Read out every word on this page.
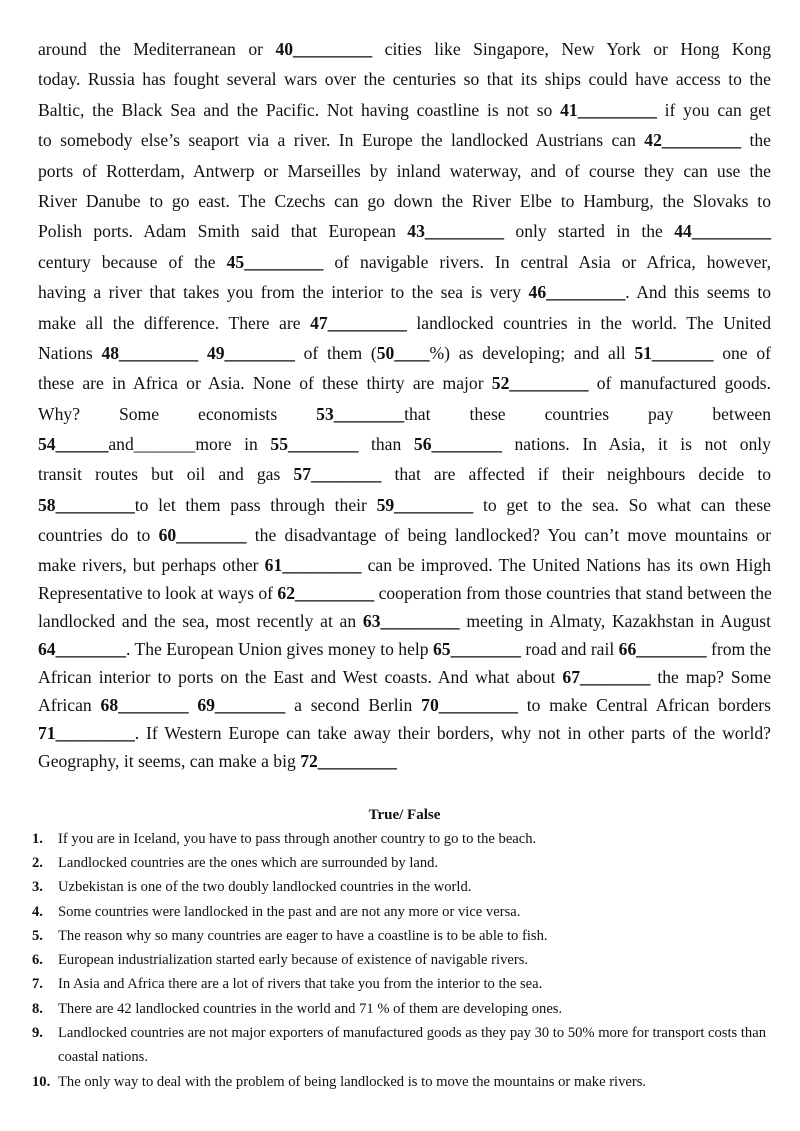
around the Mediterranean or 40_________ cities like Singapore, New York or Hong Kong
today. Russia has fought several wars over the centuries so that its ships could have access to the
Baltic, the Black Sea and the Pacific. Not having coastline is not so 41_________ if you can get
to somebody else’s seaport via a river. In Europe the landlocked Austrians can 42_________ the
ports of Rotterdam, Antwerp or Marseilles by inland waterway, and of course they can use the
River Danube to go east. The Czechs can go down the River Elbe to Hamburg, the Slovaks to
Polish ports. Adam Smith said that European 43_________ only started in the 44_________
century because of the 45_________ of navigable rivers. In central Asia or Africa, however,
having a river that takes you from the interior to the sea is very 46_________. And this seems to
make all the difference. There are 47_________ landlocked countries in the world. The United
Nations 48_________ 49________ of them (50____%) as developing; and all 51_______ one of
these are in Africa or Asia. None of these thirty are major 52_________ of manufactured goods.
Why? Some economists 53________that these countries pay between
54______and_______more in 55________ than 56________ nations. In Asia, it is not only
transit routes but oil and gas 57________ that are affected if their neighbours decide to
58_________to let them pass through their 59_________ to get to the sea. So what can these
countries do to 60________ the disadvantage of being landlocked? You can’t move mountains or
make rivers, but perhaps other 61_________ can be improved. The United Nations has its own High
Representative to look at ways of 62_________ cooperation from those countries that stand between the
landlocked and the sea, most recently at an 63_________ meeting in Almaty, Kazakhstan in August
64________. The European Union gives money to help 65________ road and rail 66________ from the
African interior to ports on the East and West coasts. And what about 67________ the map? Some
African 68________ 69________ a second Berlin 70_________ to make Central African borders
71_________. If Western Europe can take away their borders, why not in other parts of the world?
Geography, it seems, can make a big 72_________
True/ False
1.	If you are in Iceland, you have to pass through another country to go to the beach.
2.	Landlocked countries are the ones which are surrounded by land.
3.	Uzbekistan is one of the two doubly landlocked countries in the world.
4.	Some countries were landlocked in the past and are not any more or vice versa.
5.	The reason why so many countries are eager to have a coastline is to be able to fish.
6.	European industrialization started early because of existence of navigable rivers.
7.	In Asia and Africa there are a lot of rivers that take you from the interior to the sea.
8.	There are 42 landlocked countries in the world and 71 % of them are developing ones.
9.	Landlocked countries are not major exporters of manufactured goods as they pay 30 to 50% more for transport costs than coastal nations.
10. The only way to deal with the problem of being landlocked is to move the mountains or make rivers.
